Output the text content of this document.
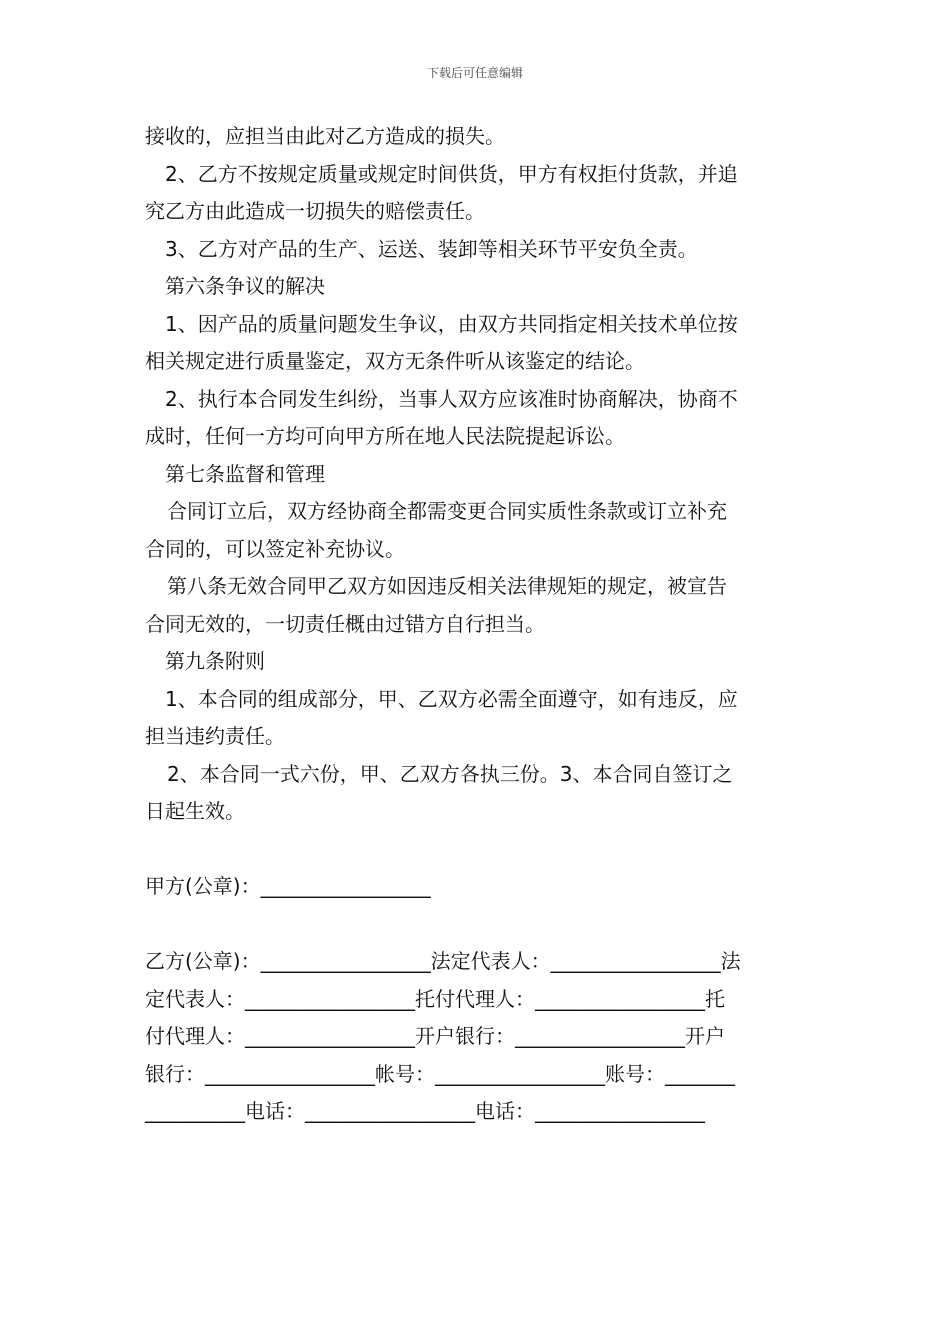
下载后可任意编辑
接收的，应担当由此对乙方造成的损失。
2、乙方不按规定质量或规定时间供货，甲方有权拒付货款，并追
究乙方由此造成一切损失的赔偿责任。
3、乙方对产品的生产、运送、装卸等相关环节平安负全责。
第六条争议的解决
1、因产品的质量问题发生争议，由双方共同指定相关技术单位按
相关规定进行质量鉴定，双方无条件听从该鉴定的结论。
2、执行本合同发生纠纷，当事人双方应该准时协商解决，协商不
成时，任何一方均可向甲方所在地人民法院提起诉讼。
第七条监督和管理
合同订立后，双方经协商全都需变更合同实质性条款或订立补充
合同的，可以签定补充协议。
第八条无效合同甲乙双方如因违反相关法律规矩的规定，被宣告
合同无效的，一切责任概由过错方自行担当。
第九条附则
1、本合同的组成部分，甲、乙双方必需全面遵守，如有违反，应
担当违约责任。
2、本合同一式六份，甲、乙双方各执三份。3、本合同自签订之
日起生效。
甲方(公章)：_________________
乙方(公章)：_________________法定代表人：_________________法
定代表人：_________________托付代理人：_________________托
付代理人：_________________开户银行：_________________开户
银行：_________________帐号：_________________账号：_______
__________电话：_________________电话：_________________
